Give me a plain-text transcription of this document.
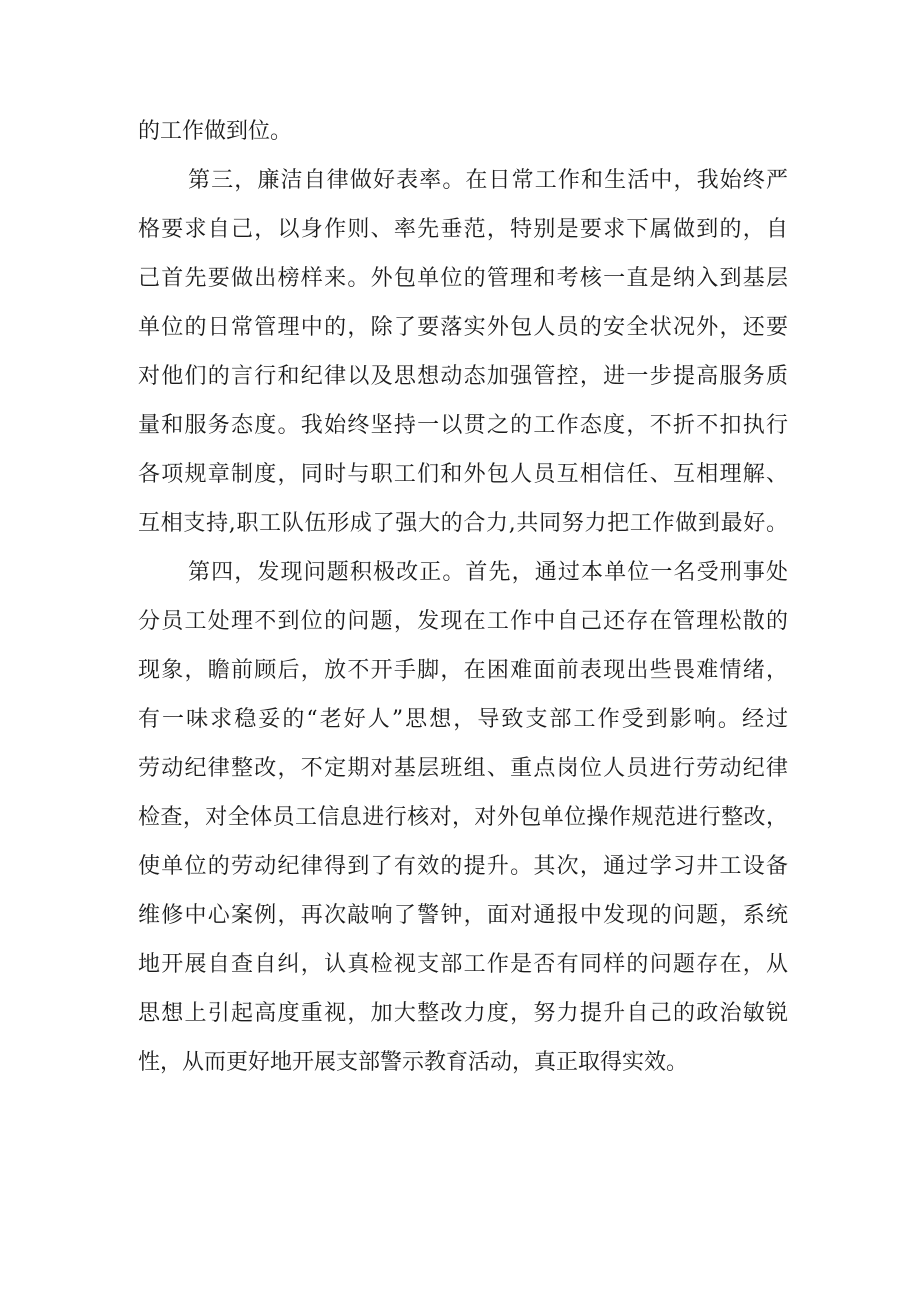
的工作做到位。
第三，廉洁自律做好表率。在日常工作和生活中，我始终严
格要求自己，以身作则、率先垂范，特别是要求下属做到的，自
己首先要做出榜样来。外包单位的管理和考核一直是纳入到基层
单位的日常管理中的，除了要落实外包人员的安全状况外，还要
对他们的言行和纪律以及思想动态加强管控，进一步提高服务质
量和服务态度。我始终坚持一以贯之的工作态度，不折不扣执行
各项规章制度，同时与职工们和外包人员互相信任、互相理解、
互相支持,职工队伍形成了强大的合力,共同努力把工作做到最好。
第四，发现问题积极改正。首先，通过本单位一名受刑事处
分员工处理不到位的问题，发现在工作中自己还存在管理松散的
现象，瞻前顾后，放不开手脚，在困难面前表现出些畏难情绪，
有一味求稳妥的“老好人”思想，导致支部工作受到影响。经过
劳动纪律整改，不定期对基层班组、重点岗位人员进行劳动纪律
检查，对全体员工信息进行核对，对外包单位操作规范进行整改，
使单位的劳动纪律得到了有效的提升。其次，通过学习井工设备
维修中心案例，再次敲响了警钟，面对通报中发现的问题，系统
地开展自查自纠，认真检视支部工作是否有同样的问题存在，从
思想上引起高度重视，加大整改力度，努力提升自己的政治敏锐
性，从而更好地开展支部警示教育活动，真正取得实效。
